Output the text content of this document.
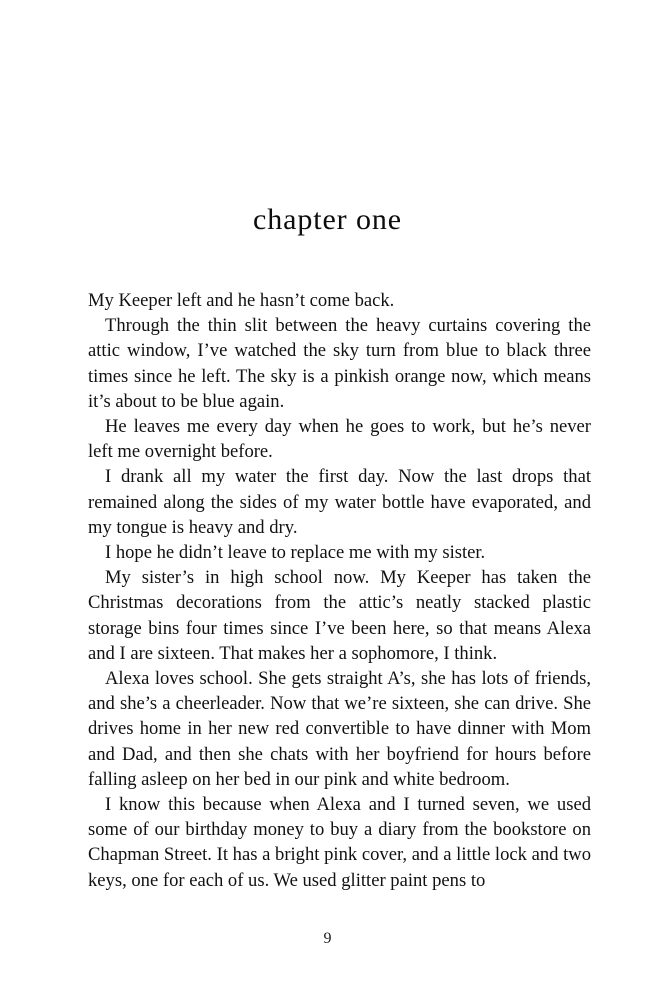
chapter one

My Keeper left and he hasn’t come back.

Through the thin slit between the heavy curtains covering the attic window, I’ve watched the sky turn from blue to black three times since he left. The sky is a pinkish orange now, which means it’s about to be blue again.

He leaves me every day when he goes to work, but he’s never left me overnight before.

I drank all my water the first day. Now the last drops that remained along the sides of my water bottle have evaporated, and my tongue is heavy and dry.

I hope he didn’t leave to replace me with my sister.

My sister’s in high school now. My Keeper has taken the Christmas decorations from the attic’s neatly stacked plastic storage bins four times since I’ve been here, so that means Alexa and I are sixteen. That makes her a sophomore, I think.

Alexa loves school. She gets straight A’s, she has lots of friends, and she’s a cheerleader. Now that we’re sixteen, she can drive. She drives home in her new red convertible to have dinner with Mom and Dad, and then she chats with her boyfriend for hours before falling asleep on her bed in our pink and white bedroom.

I know this because when Alexa and I turned seven, we used some of our birthday money to buy a diary from the bookstore on Chapman Street. It has a bright pink cover, and a little lock and two keys, one for each of us. We used glitter paint pens to

9
